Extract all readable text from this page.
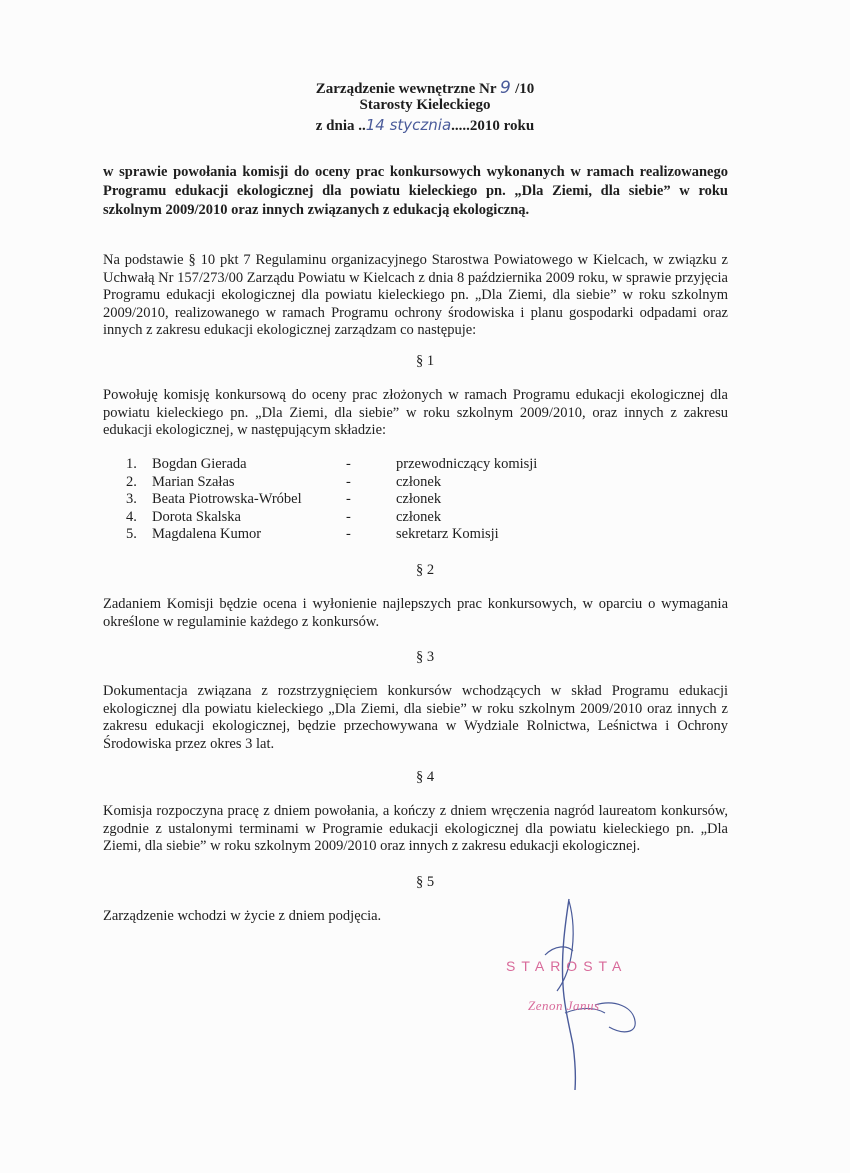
Zarządzenie wewnętrzne Nr 9 /10
Starosty Kieleckiego
z dnia ..14 stycznia.....2010 roku
w sprawie powołania komisji do oceny prac konkursowych wykonanych w ramach realizowanego Programu edukacji ekologicznej dla powiatu kieleckiego pn. „Dla Ziemi, dla siebie” w roku szkolnym 2009/2010 oraz innych związanych z edukacją ekologiczną.
Na podstawie § 10 pkt 7 Regulaminu organizacyjnego Starostwa Powiatowego w Kielcach, w związku z Uchwałą Nr 157/273/00 Zarządu Powiatu w Kielcach z dnia 8 października 2009 roku, w sprawie przyjęcia Programu edukacji ekologicznej dla powiatu kieleckiego pn. „Dla Ziemi, dla siebie” w roku szkolnym 2009/2010, realizowanego w ramach Programu ochrony środowiska i planu gospodarki odpadami oraz innych z zakresu edukacji ekologicznej zarządzam co następuje:
§ 1
Powołuję komisję konkursową do oceny prac złożonych w ramach Programu edukacji ekologicznej dla powiatu kieleckiego pn. „Dla Ziemi, dla siebie” w roku szkolnym 2009/2010, oraz innych z zakresu edukacji ekologicznej, w następującym składzie:
1. Bogdan Gierada	-	przewodniczący komisji
2. Marian Szałas	-	członek
3. Beata Piotrowska-Wróbel	-	członek
4. Dorota Skalska	-	członek
5. Magdalena Kumor	-	sekretarz Komisji
§ 2
Zadaniem Komisji będzie ocena i wyłonienie najlepszych prac konkursowych, w oparciu o wymagania określone w regulaminie każdego z konkursów.
§ 3
Dokumentacja związana z rozstrzygnięciem konkursów wchodzących w skład Programu edukacji ekologicznej dla powiatu kieleckiego „Dla Ziemi, dla siebie” w roku szkolnym 2009/2010 oraz innych z zakresu edukacji ekologicznej, będzie przechowywana w Wydziale Rolnictwa, Leśnictwa i Ochrony Środowiska przez okres 3 lat.
§ 4
Komisja rozpoczyna pracę z dniem powołania, a kończy z dniem wręczenia nagród laureatom konkursów, zgodnie z ustalonymi terminami w Programie edukacji ekologicznej dla powiatu kieleckiego pn. „Dla Ziemi, dla siebie” w roku szkolnym 2009/2010 oraz innych z zakresu edukacji ekologicznej.
§ 5
Zarządzenie wchodzi w życie z dniem podjęcia.
STAROSTA
Zenon Janus
